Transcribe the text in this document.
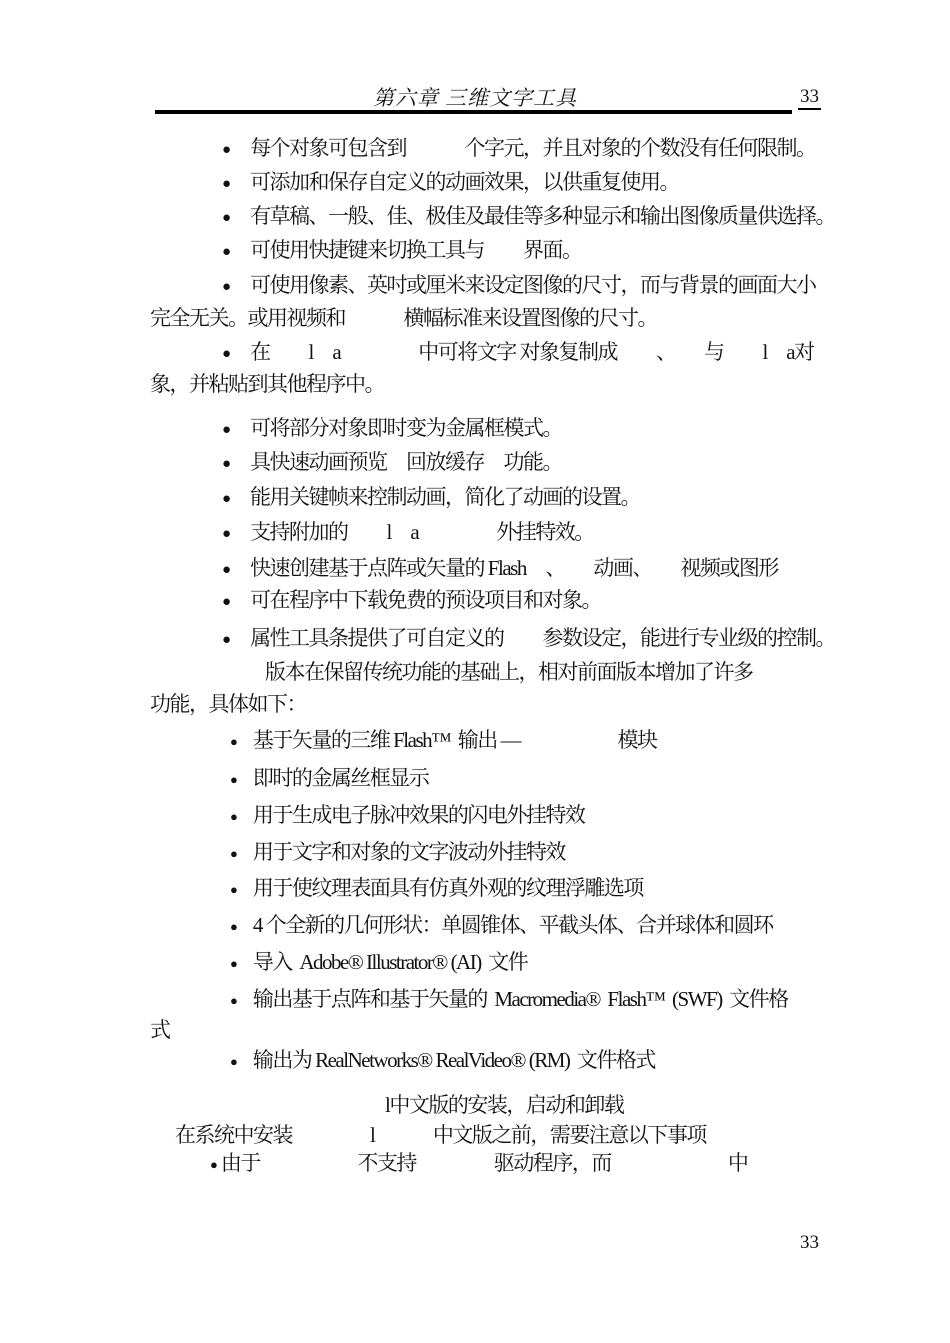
第六章 三维文字工具	33
● 每个对象可包含到　　　个字元，并且对象的个数没有任何限制。
● 可添加和保存自定义的动画效果，以供重复使用。
● 有草稿、一般、佳、极佳及最佳等多种显示和输出图像质量供选择。
● 可使用快捷键来切换工具与　　界面。
● 可使用像素、英吋或厘米来设定图像的尺寸，而与背景的画面大小
完全无关。或用视频和　　　横幅标准来设置图像的尺寸。
● 在　　l　a　　　　中可将文字 对象复制成　　、　　与　　l　a对
象，并粘贴到其他程序中。
● 可将部分对象即时变为金属框模式。
● 具快速动画预览　回放缓存　功能。
● 能用关键帧来控制动画，简化了动画的设置。
● 支持附加的　　l　a　　　　外挂特效。
● 快速创建基于点阵或矢量的 Flash　、　　动画、　　视频或图形
● 可在程序中下载免费的预设项目和对象。
● 属性工具条提供了可自定义的　　参数设定，能进行专业级的控制。
版本在保留传统功能的基础上，相对前面版本增加了许多
功能，具体如下：
● 基于矢量的三维 Flash™  输出 —　　　　　模块
● 即时的金属丝框显示
● 用于生成电子脉冲效果的闪电外挂特效
● 用于文字和对象的文字波动外挂特效
● 用于使纹理表面具有仿真外观的纹理浮雕选项
● 4 个全新的几何形状：单圆锥体、平截头体、合并球体和圆环
● 导入  Adobe® Illustrator® (AI)  文件
● 输出基于点阵和基于矢量的  Macromedia®  Flash™  (SWF)  文件格
式
● 输出为 RealNetworks® RealVideo® (RM)  文件格式
l中文版的安装，启动和卸载
在系统中安装　　　　l　　　中文版之前，需要注意以下事项
● 由于　　　　　不支持　　　　驱动程序，而　　　　　　中
33
